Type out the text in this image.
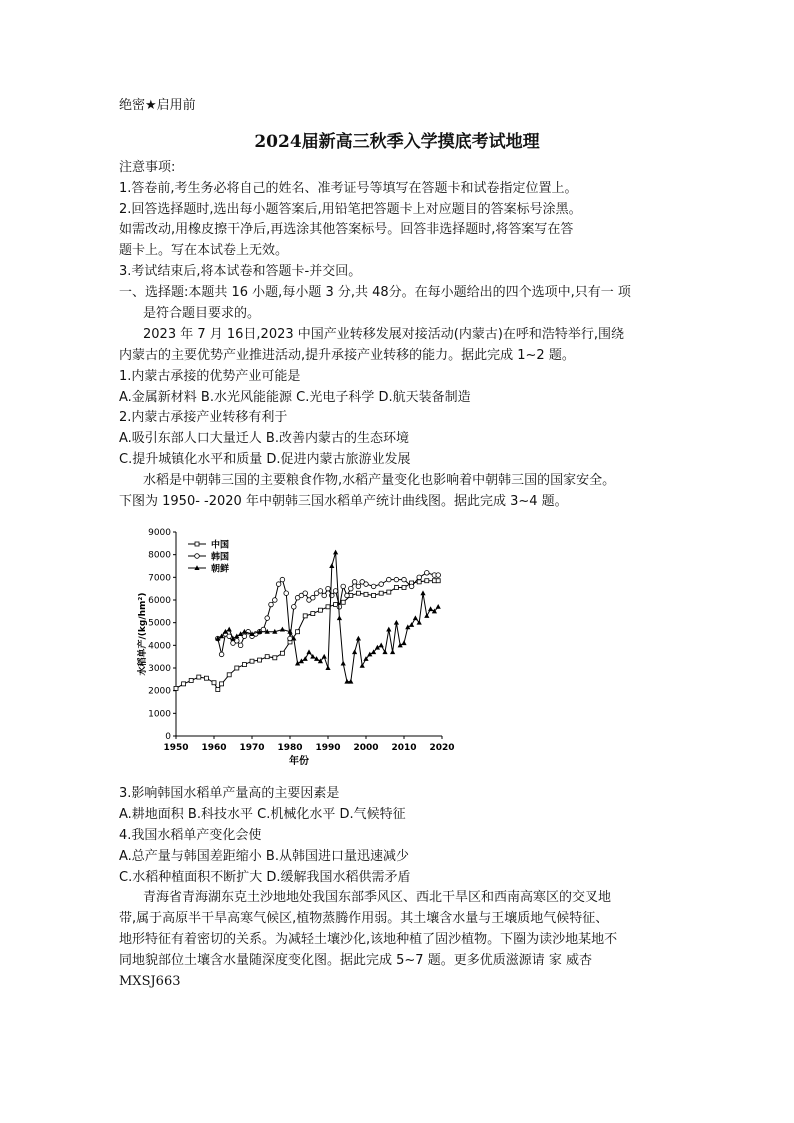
绝密★启用前
2024届新高三秋季入学摸底考试地理
注意事项:
1.答卷前,考生务必将自己的姓名、准考证号等填写在答题卡和试卷指定位置上。
2.回答选择题时,选出每小题答案后,用铅笔把答题卡上对应题目的答案标号涂黑。
如需改动,用橡皮擦干净后,再选涂其他答案标号。回答非选择题时,将答案写在答
题卡上。写在本试卷上无效。
3.考试结束后,将本试卷和答题卡-并交回。
一、选择题:本题共 16 小题,每小题 3 分,共 48分。在每小题给出的四个选项中,只有一 项
是符合题目要求的。
2023 年 7 月 16日,2023 中国产业转移发展对接活动(内蒙古)在呼和浩特举行,围绕
内蒙古的主要优势产业推进活动,提升承接产业转移的能力。据此完成 1~2 题。
1.内蒙古承接的优势产业可能是
A.金属新材料 B.水光风能能源 C.光电子科学 D.航天装备制造
2.内蒙古承接产业转移有利于
A.吸引东部人口大量迁人 B.改善内蒙古的生态环境
C.提升城镇化水平和质量 D.促进内蒙古旅游业发展
水稻是中朝韩三国的主要粮食作物,水稻产量变化也影响着中朝韩三国的国家安全。
下图为 1950- -2020 年中朝韩三国水稻单产统计曲线图。据此完成 3~4 题。
0
1000
2000
3000
4000
5000
6000
7000
8000
9000
1950 1960 1970 1980 1990 2000 2010 2020
年份
水稻单产/(kg/hm²)
中国
韩国
朝鲜
3.影响韩国水稻单产量高的主要因素是
A.耕地面积 B.科技水平 C.机械化水平 D.气候特征
4.我国水稻单产变化会使
A.总产量与韩国差距缩小 B.从韩国进口量迅速减少
C.水稻种植面积不断扩大 D.缓解我国水稻供需矛盾
青海省青海湖东克土沙地地处我国东部季风区、西北干旱区和西南高寒区的交叉地
带,属于高原半干旱高寒气候区,植物蒸腾作用弱。其土壤含水量与王壤质地气候特征、
地形特征有着密切的关系。为减轻土壤沙化,该地种植了固沙植物。下圈为读沙地某地不
同地貌部位土壤含水量随深度变化图。据此完成 5~7 题。更多优质滋源请 家 威杏
MXSJ663
